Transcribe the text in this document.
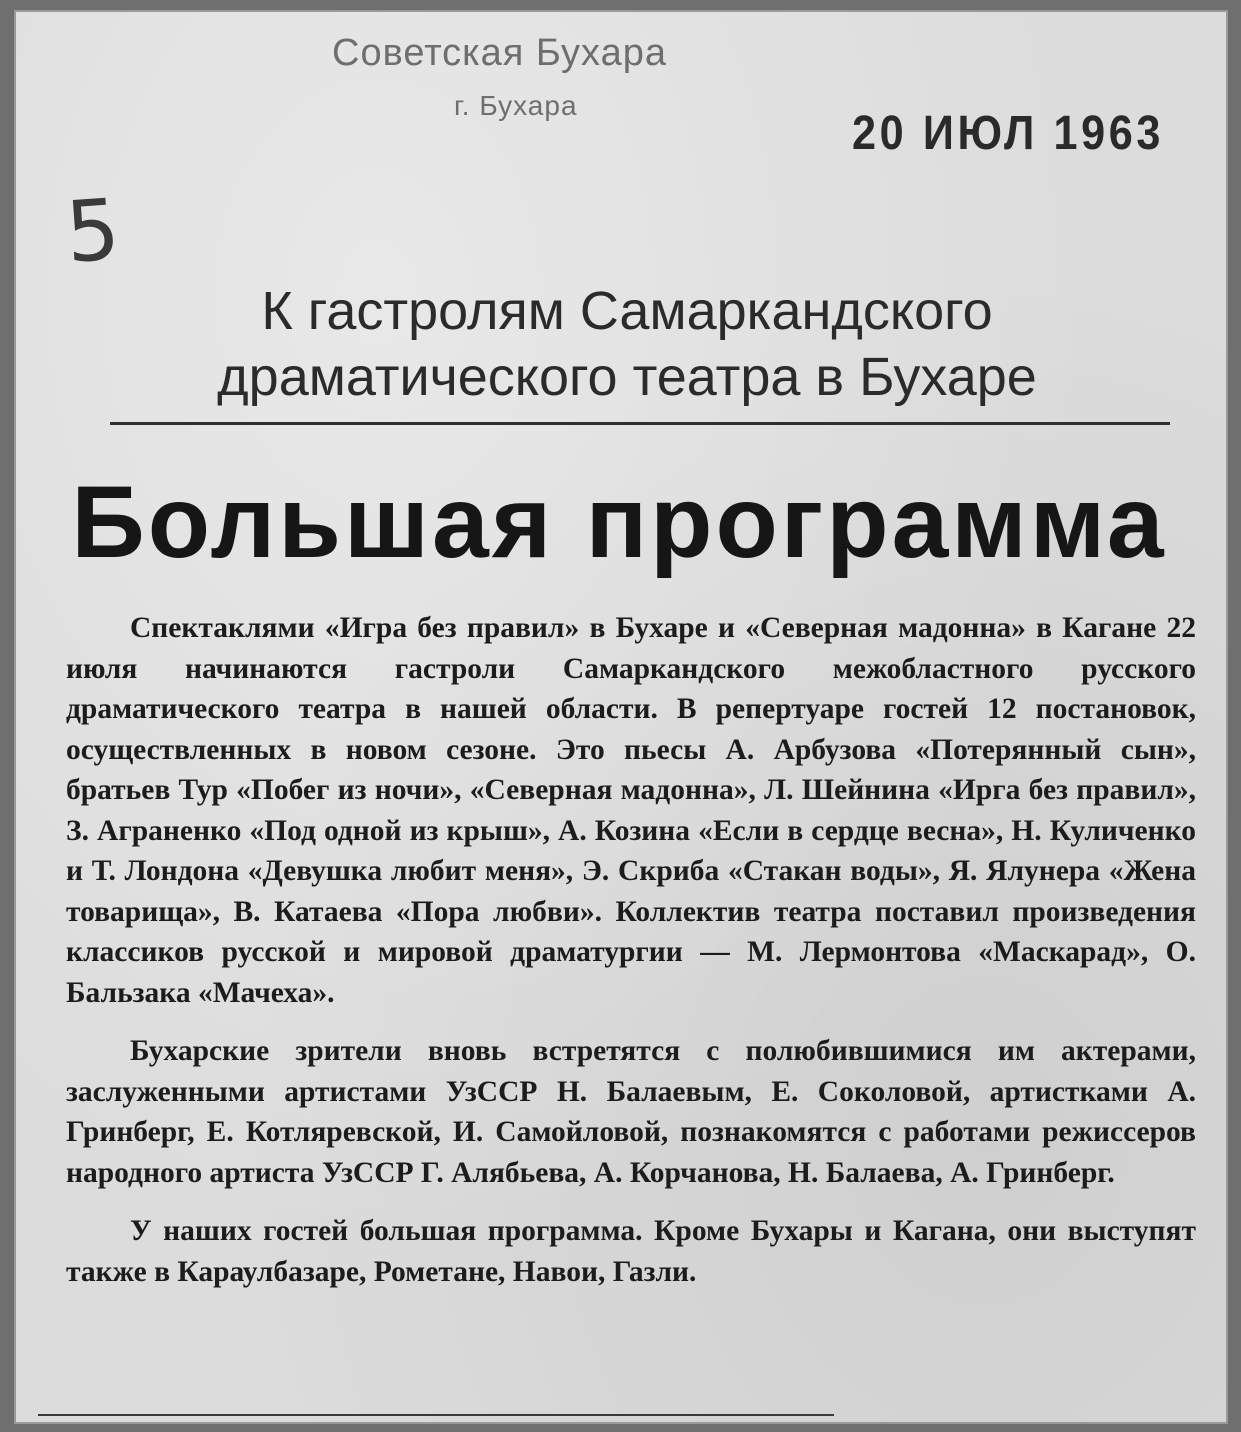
Советская Бухара
г. Бухара
20 ИЮЛ 1963
5
К гастролям Самаркандского
драматического театра в Бухаре
Большая программа

Спектаклями «Игра без правил» в Бухаре и «Северная мадонна» в Кагане 22 июля начинаются гастроли Самаркандского межобластного русского драматического театра в нашей области. В репертуаре гостей 12 постановок, осуществленных в новом сезоне. Это пьесы А. Арбузова «Потерянный сын», братьев Тур «Побег из ночи», «Северная мадонна», Л. Шейнина «Ирга без правил», З. Аграненко «Под одной из крыш», А. Козина «Если в сердце весна», Н. Куличенко и Т. Лондона «Девушка любит меня», Э. Скриба «Стакан воды», Я. Ялунера «Жена товарища», В. Катаева «Пора любви». Коллектив театра поставил произведения классиков русской и мировой драматургии — М. Лермонтова «Маскарад», О. Бальзака «Мачеха».

Бухарские зрители вновь встретятся с полюбившимися им актерами, заслуженными артистами УзССР Н. Балаевым, Е. Соколовой, артистками А. Гринберг, Е. Котляревской, И. Самойловой, познакомятся с работами режиссеров народного артиста УзССР Г. Алябьева, А. Корчанова, Н. Балаева, А. Гринберг.

У наших гостей большая программа. Кроме Бухары и Кагана, они выступят также в Караулбазаре, Рометане, Навои, Газли.
